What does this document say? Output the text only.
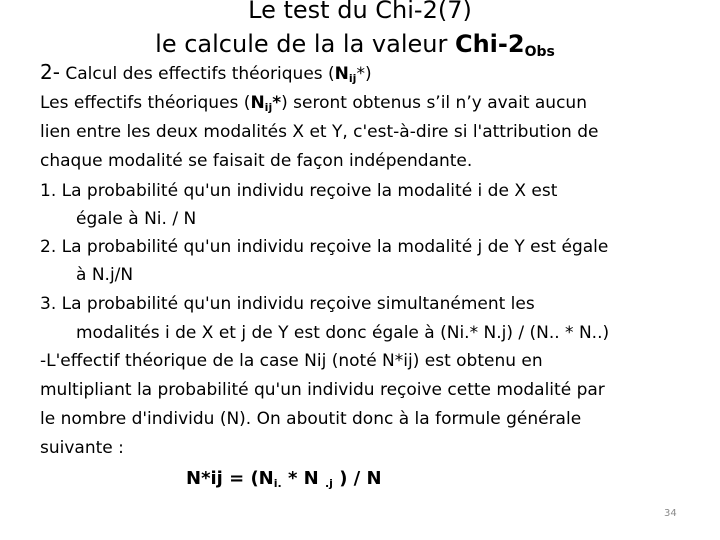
Le test du Chi-2(7)
le calcule de la la valeur Chi-$2_{Obs}$
2- Calcul des effectifs théoriques $(N_{ij}*)$
Les effectifs théoriques $(N_{ij}*)$ seront obtenus s’il n’y avait aucun
lien entre les deux modalités X et Y, c'est-à-dire si l'attribution de
chaque modalité se faisait de façon indépendante.
1. La probabilité qu'un individu reçoive la modalité i de X est
égale à Ni. / N
2. La probabilité qu'un individu reçoive la modalité j de Y est égale
à N.j/N
3. La probabilité qu'un individu reçoive simultanément les
modalités i de X et j de Y est donc égale à (Ni.* N.j) / (N.. * N..)
-L'effectif théorique de la case Nij (noté N*ij) est obtenu en
multipliant la probabilité qu'un individu reçoive cette modalité par
le nombre d'individu (N). On aboutit donc à la formule générale
suivante :
$N*ij = (N_{i.} * N$ $_{.j}$ ) / N
34
